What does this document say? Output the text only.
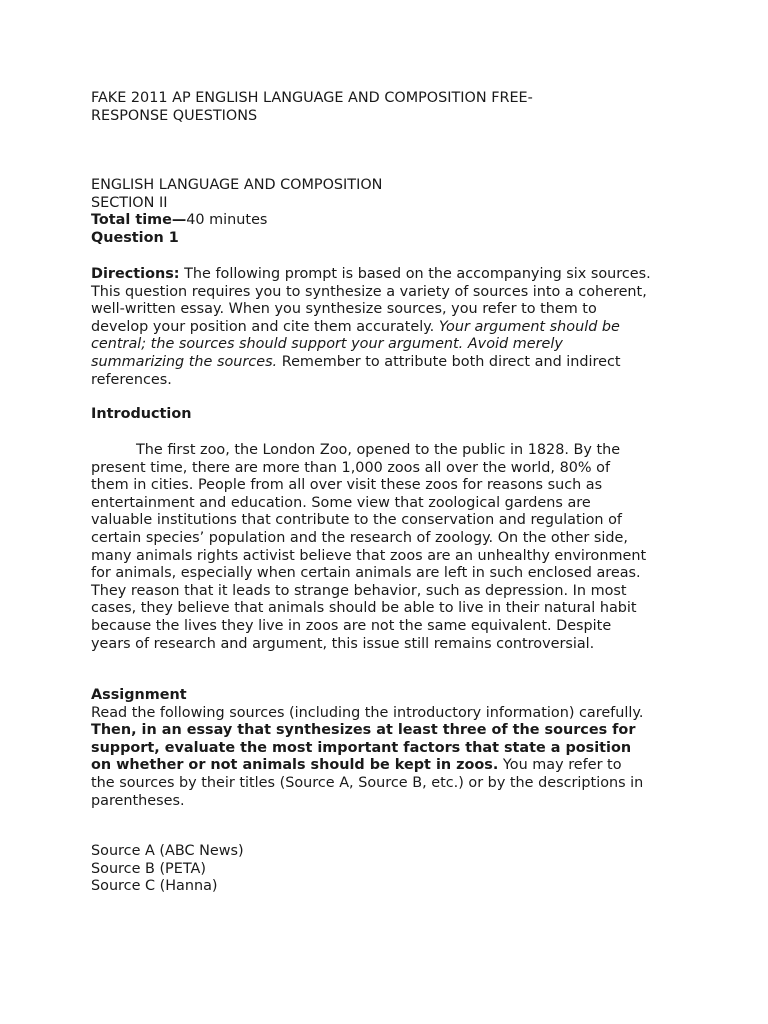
FAKE 2011 AP ENGLISH LANGUAGE AND COMPOSITION FREE-
RESPONSE QUESTIONS
ENGLISH LANGUAGE AND COMPOSITION
SECTION II
Total time—40 minutes
Question 1
Directions: The following prompt is based on the accompanying six sources.
This question requires you to synthesize a variety of sources into a coherent,
well-written essay. When you synthesize sources, you refer to them to
develop your position and cite them accurately. Your argument should be
central; the sources should support your argument. Avoid merely
summarizing the sources. Remember to attribute both direct and indirect
references.
Introduction
The first zoo, the London Zoo, opened to the public in 1828. By the
present time, there are more than 1,000 zoos all over the world, 80% of
them in cities. People from all over visit these zoos for reasons such as
entertainment and education. Some view that zoological gardens are
valuable institutions that contribute to the conservation and regulation of
certain species’ population and the research of zoology. On the other side,
many animals rights activist believe that zoos are an unhealthy environment
for animals, especially when certain animals are left in such enclosed areas.
They reason that it leads to strange behavior, such as depression. In most
cases, they believe that animals should be able to live in their natural habit
because the lives they live in zoos are not the same equivalent. Despite
years of research and argument, this issue still remains controversial.
Assignment
Read the following sources (including the introductory information) carefully.
Then, in an essay that synthesizes at least three of the sources for
support, evaluate the most important factors that state a position
on whether or not animals should be kept in zoos. You may refer to
the sources by their titles (Source A, Source B, etc.) or by the descriptions in
parentheses.
Source A (ABC News)
Source B (PETA)
Source C (Hanna)
